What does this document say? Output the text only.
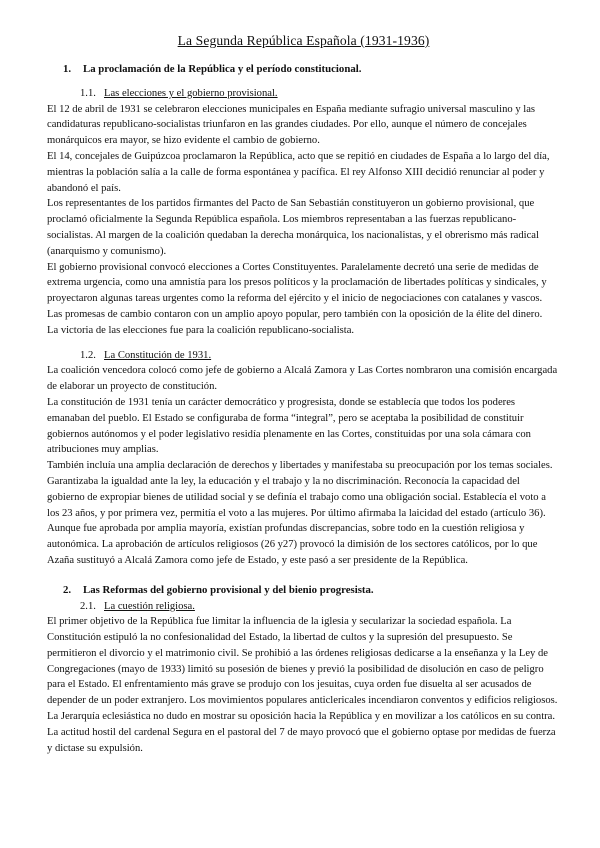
La Segunda República Española (1931-1936)
1.	La proclamación de la República y el período constitucional.
1.1. Las elecciones y el gobierno provisional.

El 12 de abril de 1931 se celebraron elecciones municipales en España mediante sufragio universal masculino y las candidaturas republicano-socialistas triunfaron en las grandes ciudades. Por ello, aunque el número de concejales monárquicos era mayor, se hizo evidente el cambio de gobierno.

El 14, concejales de Guipúzcoa proclamaron la República, acto que se repitió en ciudades de España a lo largo del día, mientras la población salía a la calle de forma espontánea y pacífica. El rey Alfonso XIII decidió renunciar al poder y abandonó el país.

Los representantes de los partidos firmantes del Pacto de San Sebastián constituyeron un gobierno provisional, que proclamó oficialmente la Segunda República española. Los miembros representaban a las fuerzas republicano-socialistas. Al margen de la coalición quedaban la derecha monárquica, los nacionalistas, y el obrerismo más radical (anarquismo y comunismo).

El gobierno provisional convocó elecciones a Cortes Constituyentes. Paralelamente decretó una serie de medidas de extrema urgencia, como una amnistía para los presos políticos y la proclamación de libertades políticas y sindicales, y proyectaron algunas tareas urgentes como la reforma del ejército y el inicio de negociaciones con catalanes y vascos. Las promesas de cambio contaron con un amplio apoyo popular, pero también con la oposición de la élite del dinero.

La victoria de las elecciones fue para la coalición republicano-socialista.

1.2. La Constitución de 1931.

La coalición vencedora colocó como jefe de gobierno a Alcalá Zamora y Las Cortes nombraron una comisión encargada de elaborar un proyecto de constitución.

La constitución de 1931 tenía un carácter democrático y progresista, donde se establecía que todos los poderes emanaban del pueblo. El Estado se configuraba de forma “integral”, pero se aceptaba la posibilidad de constituir gobiernos autónomos y el poder legislativo residía plenamente en las Cortes, constituidas por una sola cámara con atribuciones muy amplias.

También incluía una amplia declaración de derechos y libertades y manifestaba su preocupación por los temas sociales. Garantizaba la igualdad ante la ley, la educación y el trabajo y la no discriminación. Reconocía la capacidad del gobierno de expropiar bienes de utilidad social y se definía el trabajo como una obligación social. Establecía el voto a los 23 años, y por primera vez, permitía el voto a las mujeres. Por último afirmaba la laicidad del estado (artículo 36).

Aunque fue aprobada por amplia mayoría, existían profundas discrepancias, sobre todo en la cuestión religiosa y autonómica. La aprobación de artículos religiosos (26 y27) provocó la dimisión de los sectores católicos, por lo que Azaña sustituyó a Alcalá Zamora como jefe de Estado, y este pasó a ser presidente de la República.

2.	Las Reformas del gobierno provisional y del bienio progresista.
2.1. La cuestión religiosa.

El primer objetivo de la República fue limitar la influencia de la iglesia y secularizar la sociedad española. La Constitución estipuló la no confesionalidad del Estado, la libertad de cultos y la supresión del presupuesto. Se permitieron el divorcio y el matrimonio civil. Se prohibió a las órdenes religiosas dedicarse a la enseñanza y la Ley de Congregaciones (mayo de 1933) limitó su posesión de bienes y previó la posibilidad de disolución en caso de peligro para el Estado. El enfrentamiento más grave se produjo con los jesuitas, cuya orden fue disuelta al ser acusados de depender de un poder extranjero. Los movimientos populares anticlericales incendiaron conventos y edificios religiosos. La Jerarquía eclesiástica no dudo en mostrar su oposición hacia la República y en movilizar a los católicos en su contra. La actitud hostil del cardenal Segura en el pastoral del 7 de mayo provocó que el gobierno optase por medidas de fuerza y dictase su expulsión.
